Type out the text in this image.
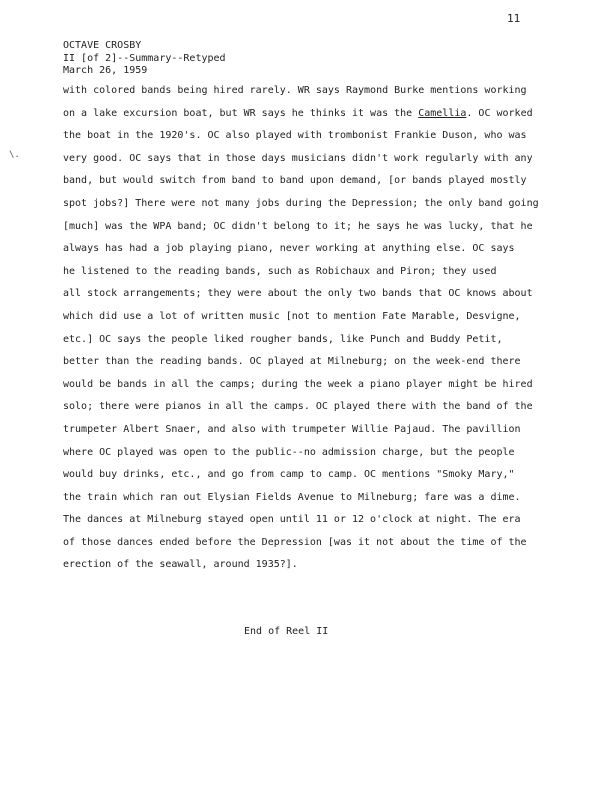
11
\.
OCTAVE CROSBY
II [of 2]--Summary--Retyped
March 26, 1959
with colored bands being hired rarely. WR says Raymond Burke mentions working
on a lake excursion boat, but WR says he thinks it was the Camellia. OC worked
the boat in the 1920's. OC also played with trombonist Frankie Duson, who was
very good. OC says that in those days musicians didn't work regularly with any
band, but would switch from band to band upon demand, [or bands played mostly
spot jobs?] There were not many jobs during the Depression; the only band going
[much] was the WPA band; OC didn't belong to it; he says he was lucky, that he
always has had a job playing piano, never working at anything else. OC says
he listened to the reading bands, such as Robichaux and Piron; they used
all stock arrangements; they were about the only two bands that OC knows about
which did use a lot of written music [not to mention Fate Marable, Desvigne,
etc.] OC says the people liked rougher bands, like Punch and Buddy Petit,
better than the reading bands. OC played at Milneburg; on the week-end there
would be bands in all the camps; during the week a piano player might be hired
solo; there were pianos in all the camps. OC played there with the band of the
trumpeter Albert Snaer, and also with trumpeter Willie Pajaud. The pavillion
where OC played was open to the public--no admission charge, but the people
would buy drinks, etc., and go from camp to camp. OC mentions "Smoky Mary,"
the train which ran out Elysian Fields Avenue to Milneburg; fare was a dime.
The dances at Milneburg stayed open until 11 or 12 o'clock at night. The era
of those dances ended before the Depression [was it not about the time of the
erection of the seawall, around 1935?].
End of Reel II
